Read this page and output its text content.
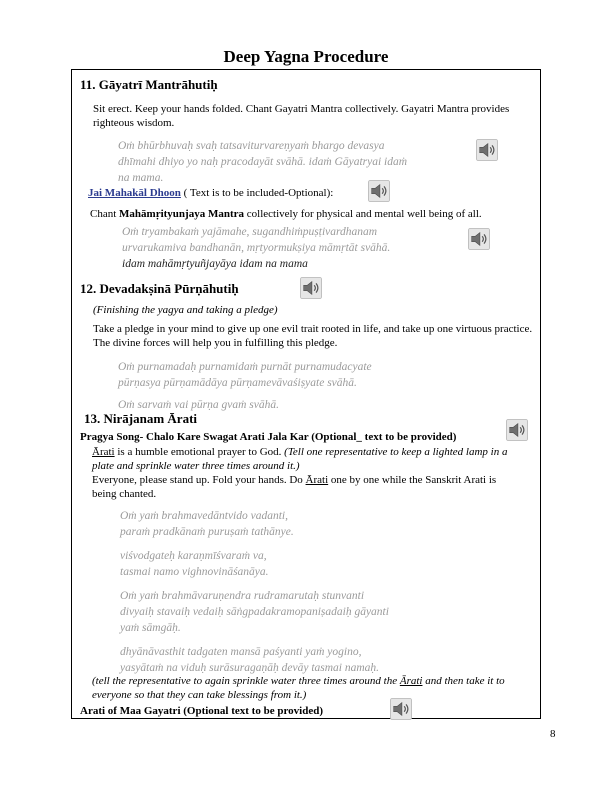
Deep Yagna Procedure
11. Gāyatrī Mantrāhutiḥ
Sit erect. Keep your hands folded. Chant Gayatri Mantra collectively. Gayatri Mantra provides righteous wisdom.
Oṁ bhūrbhuvaḥ svaḥ tatsaviturvareṇyaṁ bhargo devasya
dhīmahi dhiyo yo naḥ pracodayāt svāhā. idaṁ Gāyatryai idaṁ
na mama.
Jai Mahakāl Dhoon ( Text is to be included-Optional):
Chant Mahāmṛityunjaya Mantra collectively for physical and mental well being of all.
Oṁ tryambakaṁ yajāmahe, sugandhiṁpuṣṭivardhanam
urvarukamiva bandhanān, mṛtyormukṣiya māmṛtāt svāhā.
idam mahāmṛtyuñjayāya idam na mama
12. Devadakṣinā Pūrṇāhutiḥ
(Finishing the yagya and taking a pledge)
Take a pledge in your mind to give up one evil trait rooted in life, and take up one virtuous practice. The divine forces will help you in fulfilling this pledge.
Oṁ purnamadaḥ purnamidaṁ purnāt purnamudacyate
pūrṇasya pūrṇamādāya pūrṇamevāvaśiṣyate svāhā.
Oṁ sarvaṁ vai pūrṇa gvaṁ svāhā.
13. Nirājanam Ārati
Pragya Song- Chalo Kare Swagat Arati Jala Kar (Optional_ text to be provided)
Ārati is a humble emotional prayer to God. (Tell one representative to keep a lighted lamp in a plate and sprinkle water three times around it.)
Everyone, please stand up. Fold your hands. Do Ārati one by one while the Sanskrit Arati is being chanted.
Oṁ yaṁ brahmavedāntvido vadanti,
paraṁ pradkānaṁ puruṣaṁ tathānye.
viśvodgateḥ karaṇmīśvaraṁ va,
tasmai namo vighnovināśanāya.
Oṁ yaṁ brahmāvaruṇendra rudramarutaḥ stunvanti
divyaiḥ stavaiḥ vedaiḥ sāṅgpadakramopaniṣadaiḥ gāyanti
yaṁ sāmgāḥ.
dhyānāvasthit tadgaten mansā paśyanti yaṁ yogino,
yasyātaṁ na viduḥ surāsuragaṇāḥ devāy tasmai namaḥ.
(tell the representative to again sprinkle water three times around the Ārati and then take it to everyone so that they can take blessings from it.)
Arati of Maa Gayatri (Optional text to be provided)
8
